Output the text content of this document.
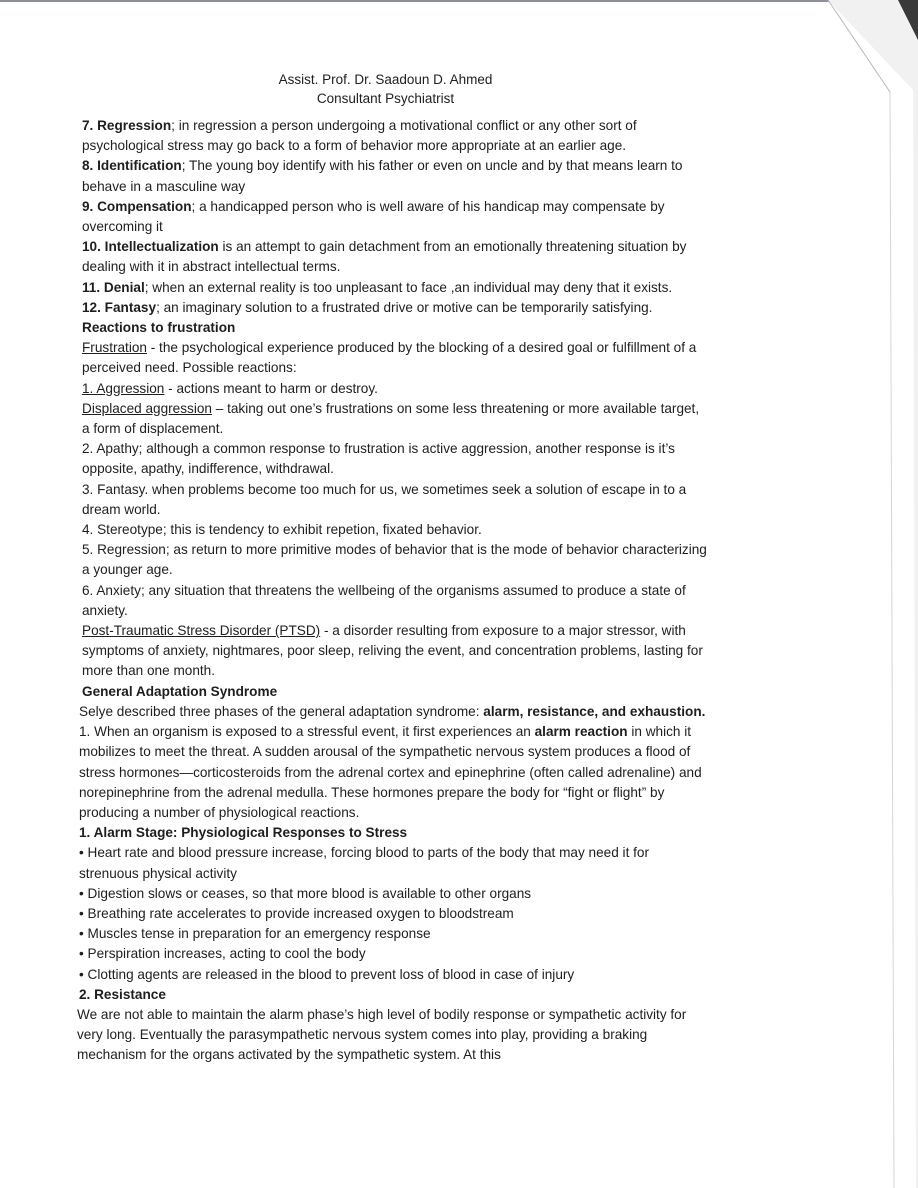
Assist. Prof. Dr. Saadoun D. Ahmed
Consultant Psychiatrist

7. Regression; in regression a person undergoing a motivational conflict or any other sort of psychological stress may go back to a form of behavior more appropriate at an earlier age.

8. Identification; The young boy identify with his father or even on uncle and by that means learn to behave in a masculine way

9. Compensation; a handicapped person who is well aware of his handicap may compensate by overcoming it

10. Intellectualization is an attempt to gain detachment from an emotionally threatening situation by dealing with it in abstract intellectual terms.

11. Denial; when an external reality is too unpleasant to face ,an individual may deny that it exists.

12. Fantasy; an imaginary solution to a frustrated drive or motive can be temporarily satisfying.

Reactions to frustration

Frustration - the psychological experience produced by the blocking of a desired goal or fulfillment of a perceived need. Possible reactions:

1. Aggression - actions meant to harm or destroy.

Displaced aggression – taking out one’s frustrations on some less threatening or more available target, a form of displacement.

2. Apathy; although a common response to frustration is active aggression, another response is it’s opposite, apathy, indifference, withdrawal.

3. Fantasy. when problems become too much for us, we sometimes seek a solution of escape in to a dream world.

4. Stereotype; this is tendency to exhibit repetion, fixated behavior.

5. Regression; as return to more primitive modes of behavior that is the mode of behavior characterizing a younger age.

6. Anxiety; any situation that threatens the wellbeing of the organisms assumed to produce a state of anxiety.

Post-Traumatic Stress Disorder (PTSD) - a disorder resulting from exposure to a major stressor, with symptoms of anxiety, nightmares, poor sleep, reliving the event, and concentration problems, lasting for more than one month.

General Adaptation Syndrome

Selye described three phases of the general adaptation syndrome: alarm, resistance, and exhaustion.

1. When an organism is exposed to a stressful event, it first experiences an alarm reaction in which it mobilizes to meet the threat. A sudden arousal of the sympathetic nervous system produces a flood of stress hormones—corticosteroids from the adrenal cortex and epinephrine (often called adrenaline) and norepinephrine from the adrenal medulla. These hormones prepare the body for “fight or flight” by producing a number of physiological reactions.

1. Alarm Stage: Physiological Responses to Stress

• Heart rate and blood pressure increase, forcing blood to parts of the body that may need it for strenuous physical activity

• Digestion slows or ceases, so that more blood is available to other organs

• Breathing rate accelerates to provide increased oxygen to bloodstream

• Muscles tense in preparation for an emergency response

• Perspiration increases, acting to cool the body

• Clotting agents are released in the blood to prevent loss of blood in case of injury

2. Resistance

We are not able to maintain the alarm phase’s high level of bodily response or sympathetic activity for very long. Eventually the parasympathetic nervous system comes into play, providing a braking mechanism for the organs activated by the sympathetic system. At this
